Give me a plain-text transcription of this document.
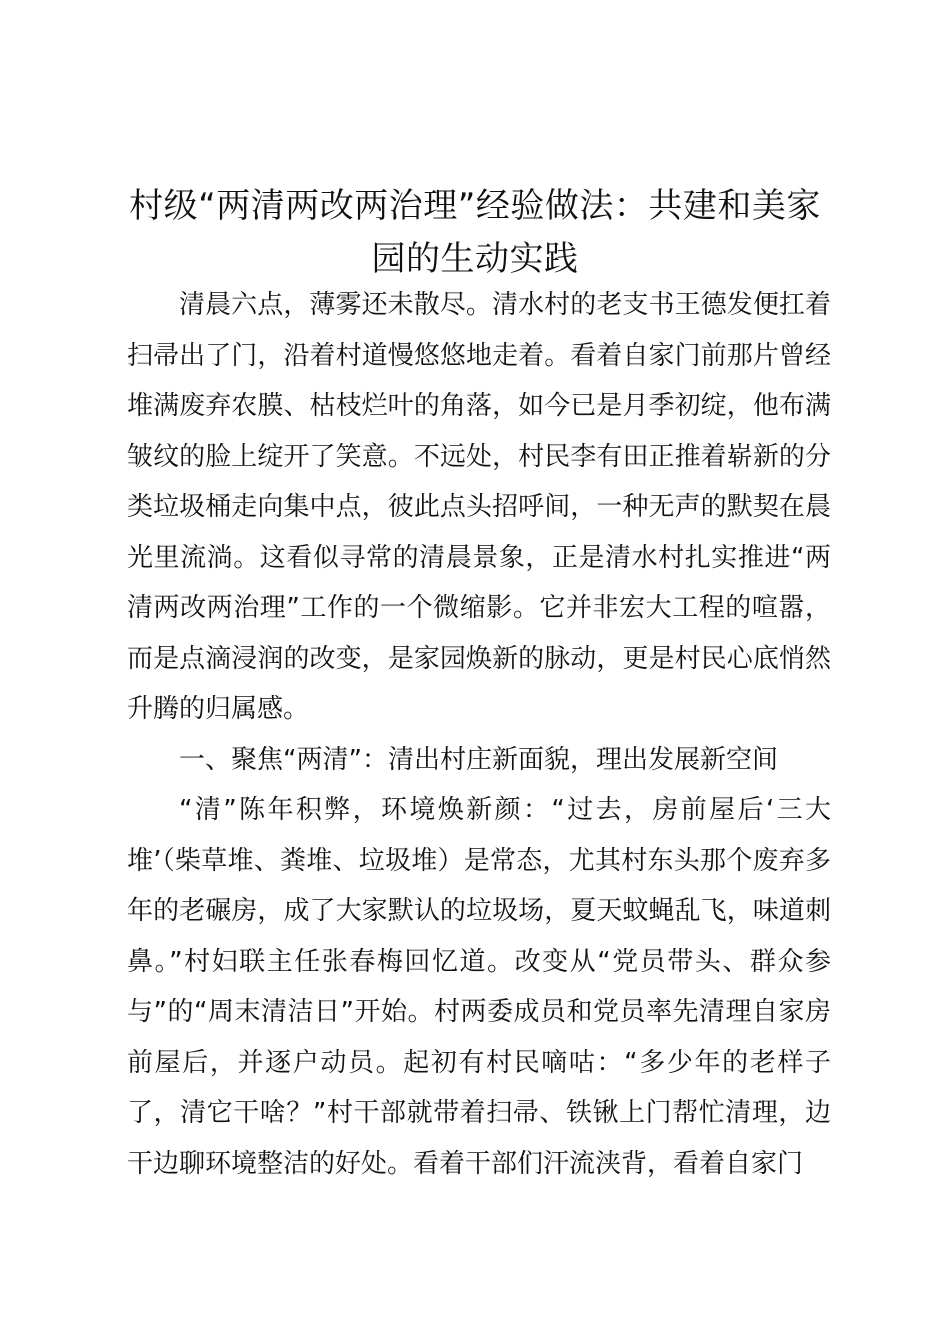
村级“两清两改两治理”经验做法：共建和美家园的生动实践

清晨六点，薄雾还未散尽。清水村的老支书王德发便扛着扫帚出了门，沿着村道慢悠悠地走着。看着自家门前那片曾经堆满废弃农膜、枯枝烂叶的角落，如今已是月季初绽，他布满皱纹的脸上绽开了笑意。不远处，村民李有田正推着崭新的分类垃圾桶走向集中点，彼此点头招呼间，一种无声的默契在晨光里流淌。这看似寻常的清晨景象，正是清水村扎实推进“两清两改两治理”工作的一个微缩影。它并非宏大工程的喧嚣，而是点滴浸润的改变，是家园焕新的脉动，更是村民心底悄然升腾的归属感。

一、聚焦“两清”：清出村庄新面貌，理出发展新空间

“清”陈年积弊，环境焕新颜：“过去，房前屋后‘三大堆’（柴草堆、粪堆、垃圾堆）是常态，尤其村东头那个废弃多年的老碾房，成了大家默认的垃圾场，夏天蚊蝇乱飞，味道刺鼻。”村妇联主任张春梅回忆道。改变从“党员带头、群众参与”的“周末清洁日”开始。村两委成员和党员率先清理自家房前屋后，并逐户动员。起初有村民嘀咕：“多少年的老样子了，清它干啥？”村干部就带着扫帚、铁锹上门帮忙清理，边干边聊环境整洁的好处。看着干部们汗流浃背，看着自家门
